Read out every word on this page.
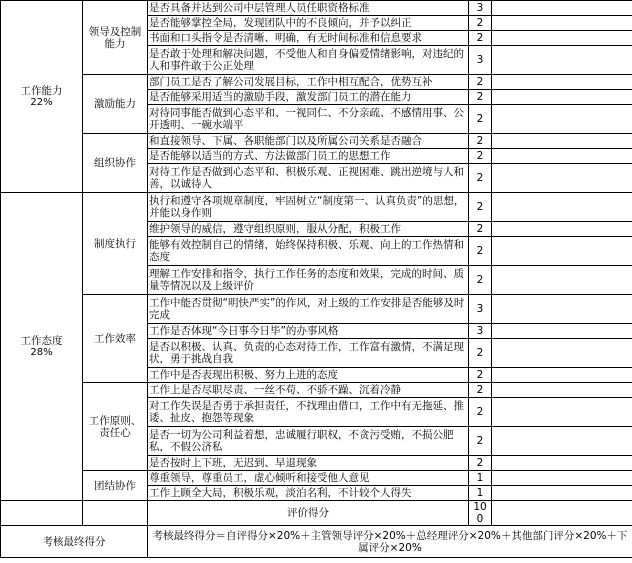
工作能力
22%	领导及控制能力	是否具备并达到公司中层管理人员任职资格标准	3	
		是否能够掌控全局，发现团队中的不良倾向，并予以纠正	2	
		书面和口头指令是否清晰、明确，有无时间标准和信息要求	2	
		是否敢于处理和解决问题，不受他人和自身偏爱情绪影响，对违纪的人和事件敢于公正处理	3	
	激励能力	部门员工是否了解公司发展目标，工作中相互配合，优势互补	2	
		是否能够采用适当的激励手段，激发部门员工的潜在能力	2	
		对待同事能否做到心态平和、一视同仁、不分亲疏、不感情用事、公开透明、一碗水端平	2	
	组织协作	和直接领导、下属、各职能部门以及所属公司关系是否融合	2	
		是否能够以适当的方式、方法做部门员工的思想工作	2	
		对待工作是否做到心态平和、积极乐观、正视困难、跳出逆境与人和善，以诚待人	2	
工作态度
28%	制度执行	执行和遵守各项规章制度，牢固树立“制度第一、认真负责”的思想，并能以身作则	2	
		维护领导的威信，遵守组织原则，服从分配，积极工作	2	
		能够有效控制自己的情绪，始终保持积极、乐观、向上的工作热情和态度	2	
		理解工作安排和指令，执行工作任务的态度和效果，完成的时间、质量等情况以及上级评价	2	
	工作效率	工作中能否贯彻“明快严实”的作风，对上级的工作安排是否能够及时完成	3	
		工作是否体现“今日事今日毕”的办事风格	3	
		是否以积极、认真、负责的心态对待工作，工作富有激情，不满足现状，勇于挑战自我	2	
		工作中是否表现出积极、努力上进的态度	2	
	工作原则、责任心	工作上是否尽职尽责、一丝不苟、不骄不躁、沉着冷静	2	
		对工作失误是否勇于承担责任，不找理由借口，工作中有无拖延、推诿、扯皮、抱怨等现象	2	
		是否一切为公司利益着想，忠诚履行职权，不贪污受贿，不损公肥私，不假公济私	2	
		是否按时上下班，无迟到、早退现象	2	
	团结协作	尊重领导，尊重员工，虚心倾听和接受他人意见	1	
		工作上顾全大局，积极乐观，淡泊名利，不计较个人得失	1	
		评价得分	100	
考核最终得分		考核最终得分＝自评得分×20%＋主管领导评分×20%＋总经理评分×20%＋其他部门评分×20%＋下属评分×20%		
